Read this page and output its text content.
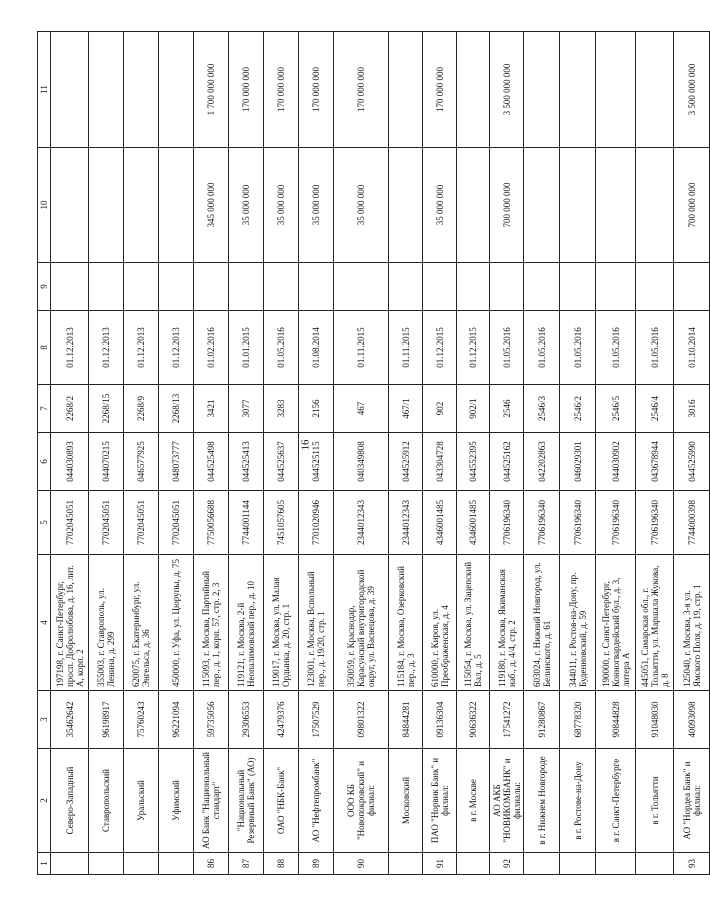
16
1	2	3	4	5	6	7	8	9	10	11
	Северо-Западный	35462642	197198, г. Санкт-Петербург, просп. Добролюбова, д. 16, лит. А, корп. 2	7702045051	044030893	2268/2	01.12.2013			
	Ставропольский	96198917	355003, г. Ставрополь, ул. Ленина, д. 299	7702045051	044070215	2268/15	01.12.2013			
	Уральский	75760243	620075, г. Екатеринбург, ул. Энгельса, д. 36	7702045051	046577925	2268/9	01.12.2013			
	Уфимский	96221094	450000, г. Уфа, ул. Цюрупы, д. 75	7702045051	048073777	2268/13	01.12.2013			
86	АО Банк "Национальный стандарт"	59735056	115093, г. Москва, Партийный пер., д. 1, корп. 57, стр. 2, 3	7750056688	044525498	3421	01.02.2016		345 000 000	1 700 000 000
87	"Национальный Резервный Банк" (АО)	29306553	119121, г. Москва, 2-й Неопалимовский пер., д. 10	7744001144	044525413	3077	01.01.2015		35 000 000	170 000 000
88	ОАО "НБК-Банк"	42479376	119017, г. Москва, ул. Малая Ордынка, д. 20, стр. 1	7451057605	044525637	3283	01.05.2016		35 000 000	170 000 000
89	АО "Нефтепромбанк"	17507529	123001, г. Москва, Вспольный пер., д. 19/20, стр. 1	7701020946	044525115	2156	01.08.2014		35 000 000	170 000 000
90	ООО КБ "Новопокровский" и филиал:	09801322	350059, г. Краснодар, Карасунский внутригородской округ, ул. Васнецова, д. 39	2344012343	040349808	467	01.11.2015		35 000 000	170 000 000
	Московский	84844281	115184, г. Москва, Озерковский пер., д. 3	2344012343	044525912	467/1	01.11.2015			
91	ПАО "Норвик Банк" и филиал:	09136304	610000, г. Киров, ул. Преображенская, д. 4	4346001485	043304728	902	01.12.2015		35 000 000	170 000 000
	в г. Москве	90636322	115054, г. Москва, ул. Зацепский Вал, д. 5	4346001485	044552395	902/1	01.12.2015			
92	АО АКБ "НОВИКОМБАНК" и филиалы:	17541272	119180, г. Москва, Якиманская наб., д. 4/4, стр. 2	7706196340	044525162	2546	01.05.2016		700 000 000	3 500 000 000
	в г. Нижнем Новгороде	91280867	603024, г. Нижний Новгород, ул. Белинского, д. 61	7706196340	042202863	2546/3	01.05.2016			
	в г. Ростове-на-Дону	68778320	344011, г. Ростов-на-Дону, пр. Буденновский, д. 59	7706196340	046029301	2546/2	01.05.2016			
	в г. Санкт-Петербурге	90844828	190000, г. Санкт-Петербург, Конногвардейский бул., д. 3, литера А	7706196340	044030902	2546/5	01.05.2016			
	в г. Тольятти	91048030	445051, Самарская обл., г. Тольятти, ул. Маршала Жукова, д. 8	7706196340	043678944	2546/4	01.05.2016			
93	АО "Нордеа Банк" и филиал:	40093098	125040, г. Москва, 3-я ул. Ямского Поля, д. 19, стр. 1	7744000398	044525990	3016	01.10.2014		700 000 000	3 500 000 000
